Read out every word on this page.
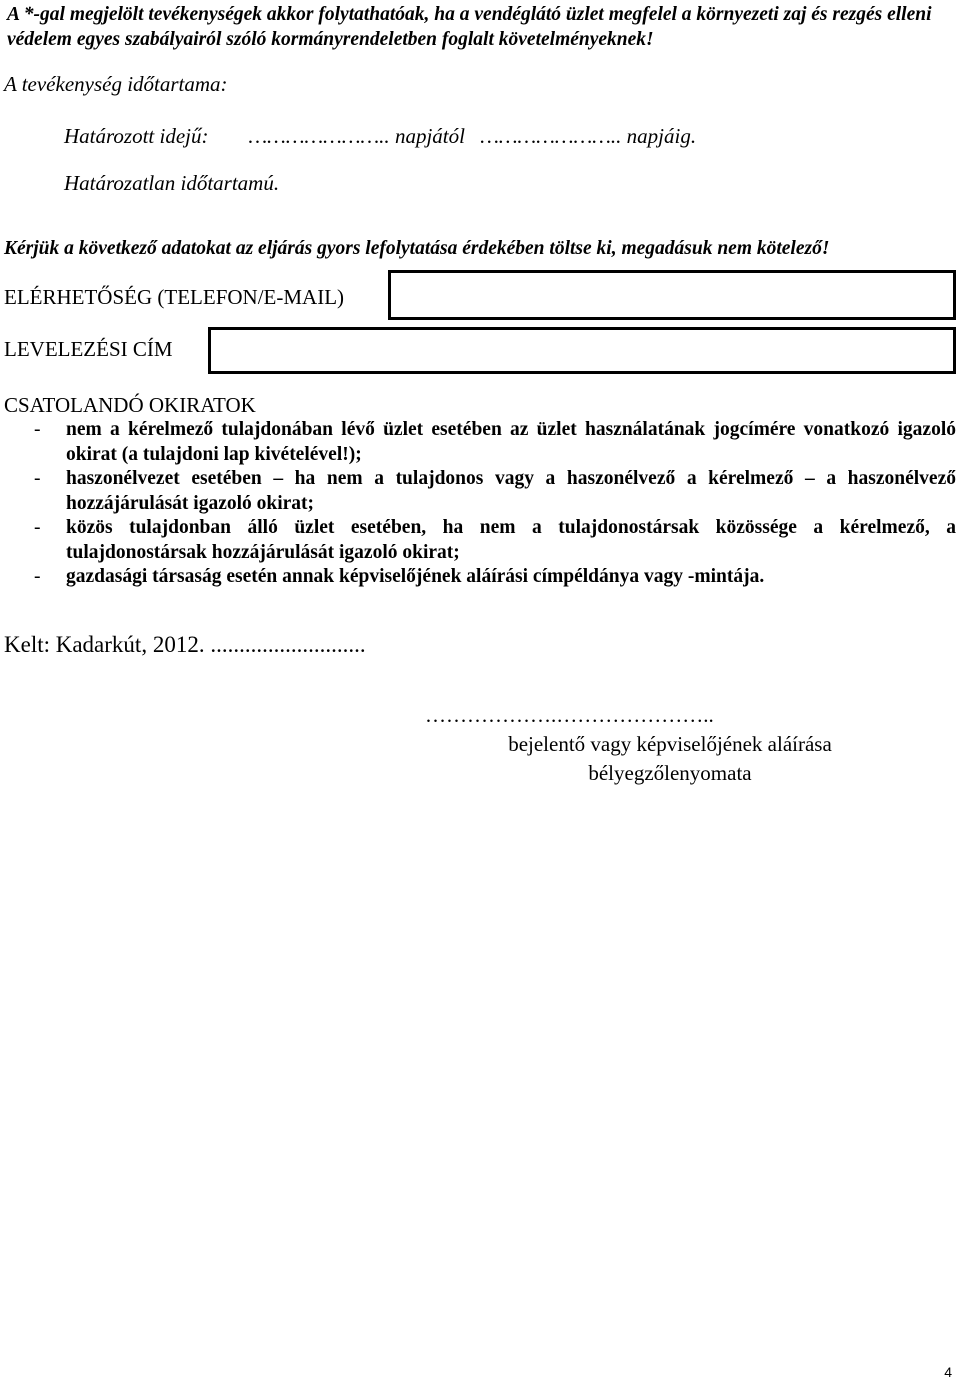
A *-gal megjelölt tevékenységek akkor folytathatóak, ha a vendéglátó üzlet megfelel a környezeti zaj és rezgés elleni védelem egyes szabályairól szóló kormányrendeletben foglalt követelményeknek!
A tevékenység időtartama:
Határozott idejű: ………………….. napjától ………………….. napjáig.
Határozatlan időtartamú.
Kérjük a következő adatokat az eljárás gyors lefolytatása érdekében töltse ki, megadásuk nem kötelező!
ELÉRHETŐSÉG (TELEFON/E-MAIL)
LEVELEZÉSI CÍM
CSATOLANDÓ OKIRATOK
- nem a kérelmező tulajdonában lévő üzlet esetében az üzlet használatának jogcímére vonatkozó igazoló okirat (a tulajdoni lap kivételével!);
- haszonélvezet esetében – ha nem a tulajdonos vagy a haszonélvező a kérelmező – a haszonélvező hozzájárulását igazoló okirat;
- közös tulajdonban álló üzlet esetében, ha nem a tulajdonostársak közössége a kérelmező, a tulajdonostársak hozzájárulását igazoló okirat;
- gazdasági társaság esetén annak képviselőjének aláírási címpéldánya vagy -mintája.
Kelt: Kadarkút, 2012. ...........................
……………….…………………..
bejelentő vagy képviselőjének aláírása
bélyegzőlenyomata
4
